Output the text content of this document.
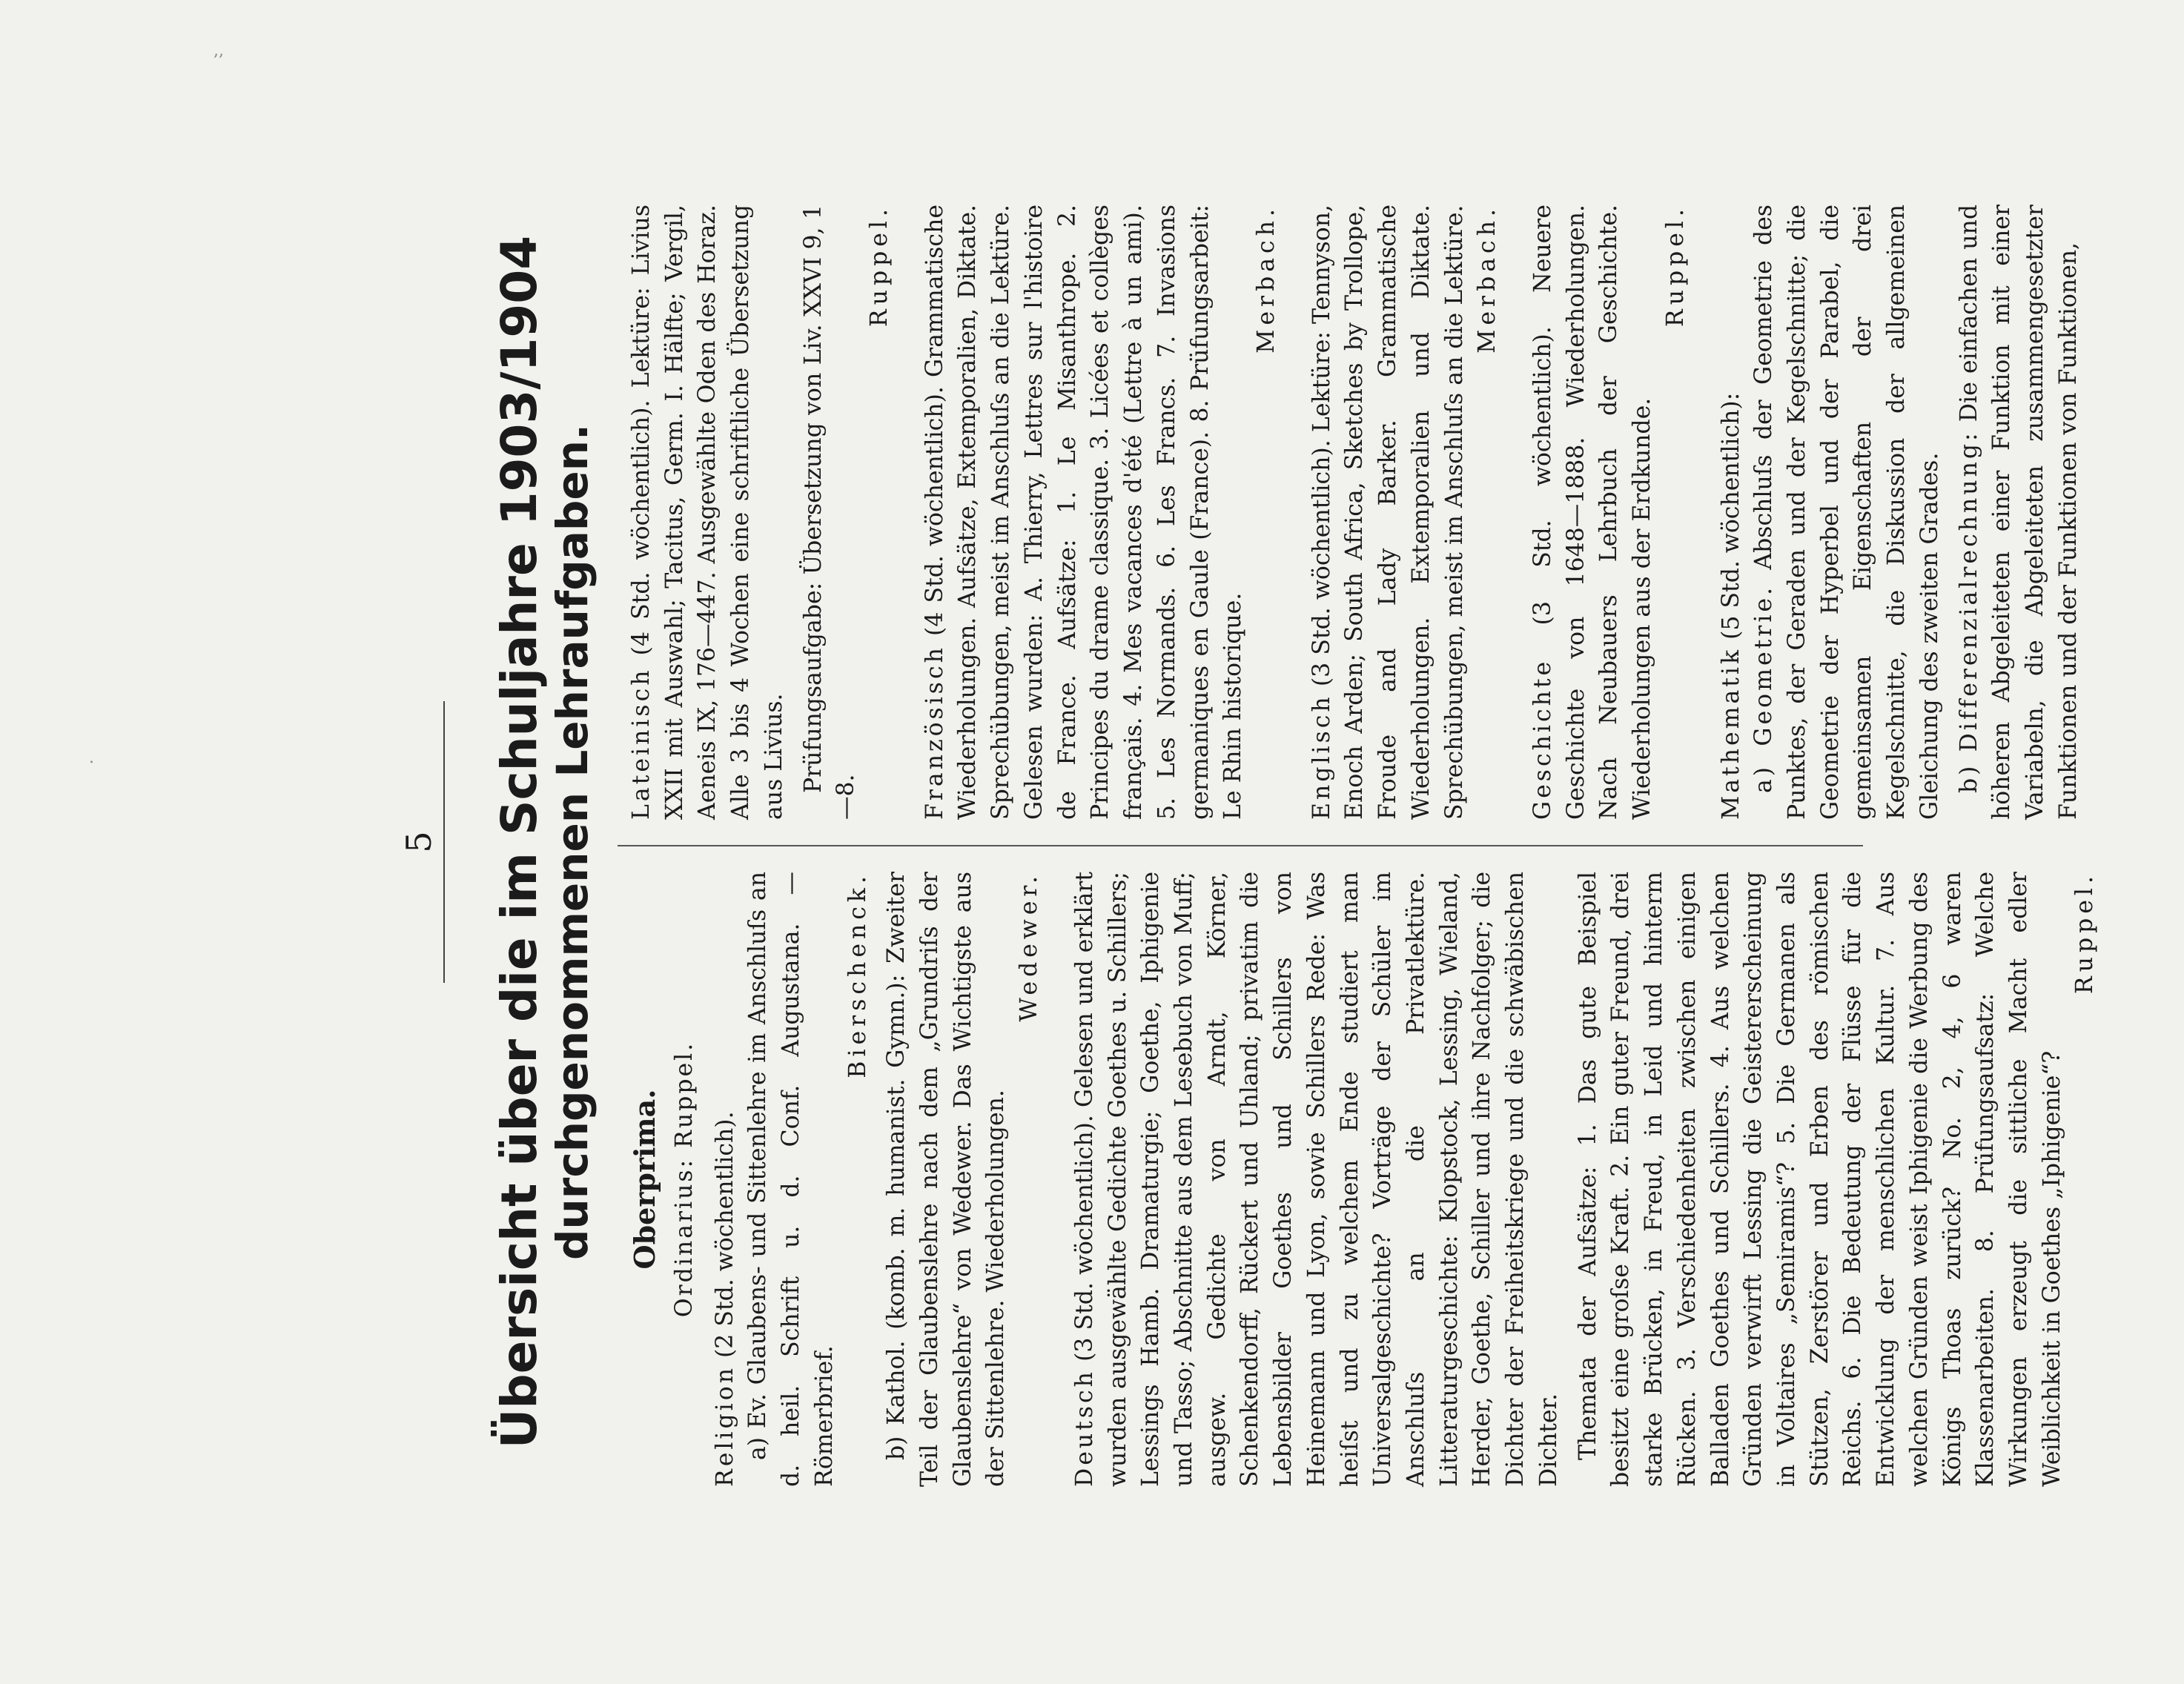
,,
.
5 Übersicht über die im Schuljahre 1903/1904
durchgenommenen Lehraufgaben. Oberprima. Ordinarius: Ruppel.

Religion (2 Std. wöchentlich).

a) Ev. Glaubens- und Sittenlehre im Anschluſs an d. heil. Schrift u. d. Conf. Augustana. — Römerbrief.

Bierschenck.

b) Kathol. (komb. m. humanist. Gymn.): Zweiter Teil der Glaubenslehre nach dem „Grundriſs der Glaubenslehre“ von Wedewer. Das Wichtigste aus der Sittenlehre. Wiederholungen.

Wedewer.

Deutsch (3 Std. wöchentlich). Gelesen und erklärt wurden ausgewählte Gedichte Goethes u. Schillers; Lessings Hamb. Dramaturgie; Goethe, Iphigenie und Tasso; Abschnitte aus dem Lesebuch von Muff; ausgew. Gedichte von Arndt, Körner, Schenkendorff, Rückert und Uhland; privatim die Lebensbilder Goethes und Schillers von Heinemann und Lyon, sowie Schillers Rede: Was heiſst und zu welchem Ende studiert man Universalgeschichte? Vorträge der Schüler im Anschluſs an die Privatlektüre. Litteraturgeschichte: Klopstock, Lessing, Wieland, Herder, Goethe, Schiller und ihre Nachfolger; die Dichter der Freiheitskriege und die schwäbischen Dichter. Themata der Aufsätze: 1. Das gute Beispiel besitzt eine groſse Kraft. 2. Ein guter Freund, drei starke Brücken, in Freud, in Leid und hinterm Rücken. 3. Verschiedenheiten zwischen einigen Balladen Goethes und Schillers. 4. Aus welchen Gründen verwirft Lessing die Geistererscheinung in Voltaires „Semiramis“? 5. Die Germanen als Stützen, Zerstörer und Erben des römischen Reichs. 6. Die Bedeutung der Flüsse für die Entwicklung der menschlichen Kultur. 7. Aus welchen Gründen weist Iphigenie die Werbung des Königs Thoas zurück? No. 2, 4, 6 waren Klassenarbeiten. 8. Prüfungsaufsatz: Welche Wirkungen erzeugt die sittliche Macht edler Weiblichkeit in Goethes „Iphigenie“?

Ruppel.

Lateinisch (4 Std. wöchentlich). Lektüre: Livius XXII mit Auswahl; Tacitus, Germ. I. Hälfte; Vergil, Aeneis IX, 176—447. Ausgewählte Oden des Horaz. Alle 3 bis 4 Wochen eine schriftliche Übersetzung aus Livius. Prüfungsaufgabe: Übersetzung von Liv. XXVI 9, 1—8.

Ruppel.

Französisch (4 Std. wöchentlich). Grammatische Wiederholungen. Aufsätze, Extemporalien, Diktate. Sprechübungen, meist im Anschluſs an die Lektüre. Gelesen wurden: A. Thierry, Lettres sur l'histoire de France. Aufsätze: 1. Le Misanthrope. 2. Principes du drame classique. 3. Licées et collèges français. 4. Mes vacances d'été (Lettre à un ami). 5. Les Normands. 6. Les Francs. 7. Invasions germaniques en Gaule (France). 8. Prüfungsarbeit: Le Rhin historique.

Merbach.

Englisch (3 Std. wöchentlich). Lektüre: Tennyson, Enoch Arden; South Africa, Sketches by Trollope, Froude and Lady Barker. Grammatische Wiederholungen. Extemporalien und Diktate. Sprechübungen, meist im Anschluſs an die Lektüre. Merbach.

Geschichte (3 Std. wöchentlich). Neuere Geschichte von 1648—1888. Wiederholungen. Nach Neubauers Lehrbuch der Geschichte. Wiederholungen aus der Erdkunde.

Ruppel.

Mathematik (5 Std. wöchentlich):

a) Geometrie. Abschluſs der Geometrie des Punktes, der Geraden und der Kegelschnitte; die Geometrie der Hyperbel und der Parabel, die gemeinsamen Eigenschaften der drei Kegelschnitte, die Diskussion der allgemeinen Gleichung des zweiten Grades. b) Differenzialrechnung: Die einfachen und höheren Abgeleiteten einer Funktion mit einer Variabeln, die Abgeleiteten zusammengesetzter Funktionen und der Funktionen von Funktionen,
